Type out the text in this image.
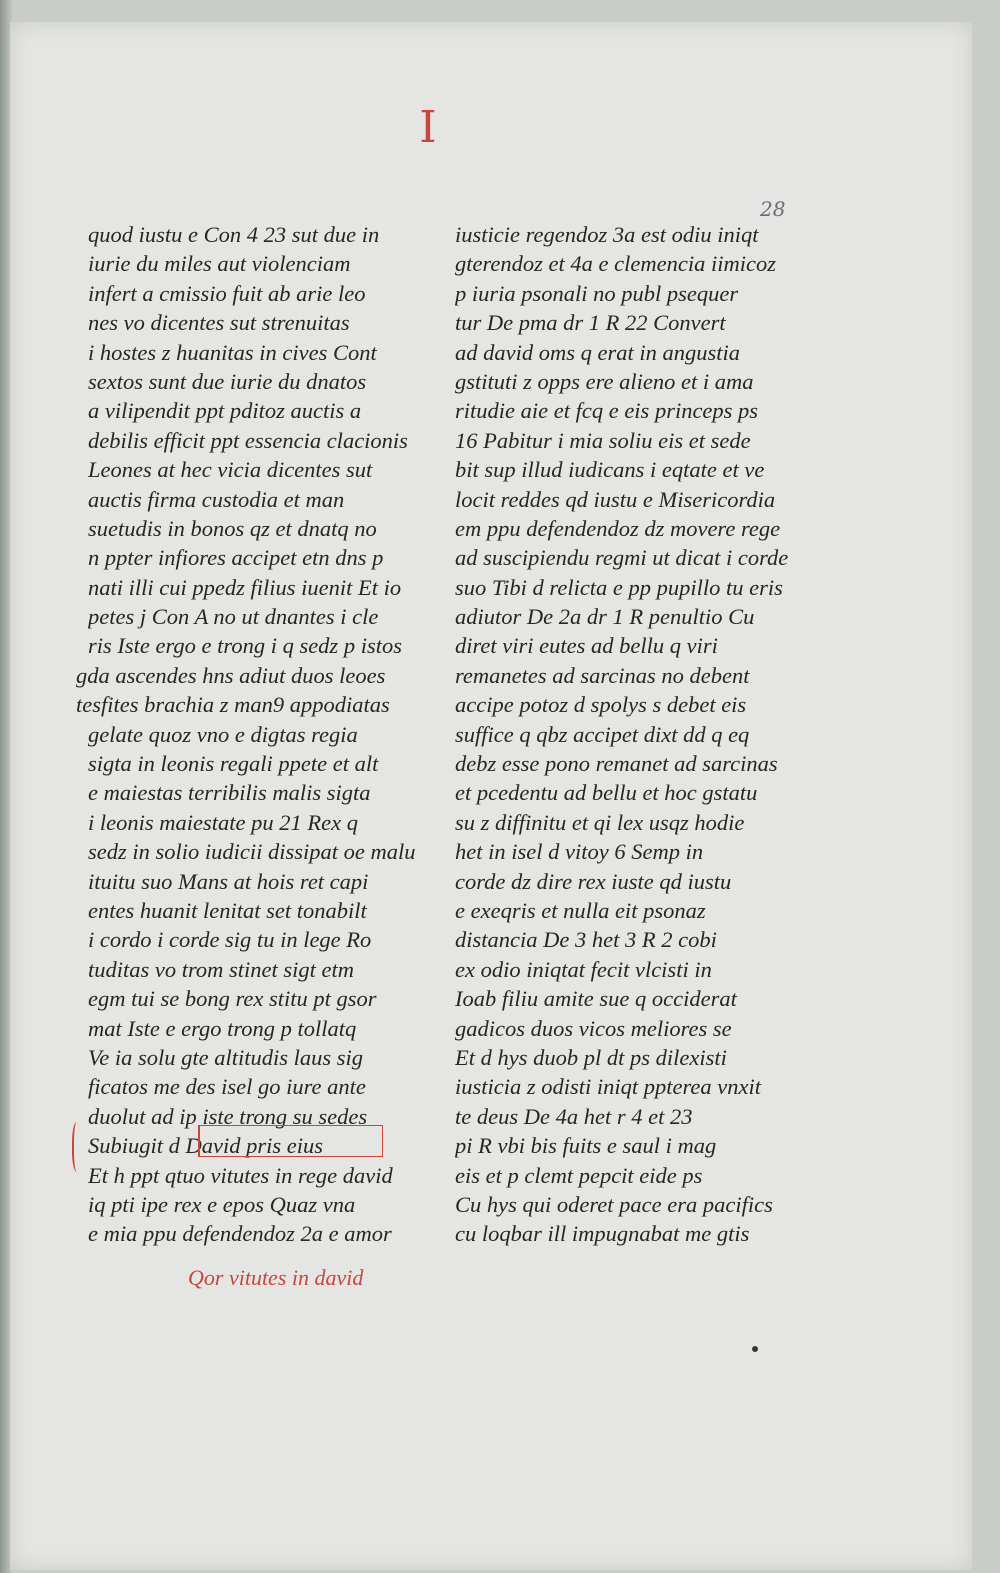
I
28
quod iustu e Con 4 23 sut due in
iurie du miles aut violenciam
infert a cmissio fuit ab arie leo
nes vo dicentes sut strenuitas
i hostes z huanitas in cives Cont
sextos sunt due iurie du dnatos
a vilipendit ppt pditoz auctis a
debilis efficit ppt essencia clacionis
Leones at hec vicia dicentes sut
auctis firma custodia et man
suetudis in bonos qz et dnatq no
n ppter infiores accipet etn dns p
nati illi cui ppedz filius iuenit Et io
petes j Con A no ut dnantes i cle
ris Iste ergo e trong i q sedz p istos
gda ascendes hns adiut duos leoes
tesfites brachia z man9 appodiatas
gelate quoz vno e digtas regia
sigta in leonis regali ppete et alt
e maiestas terribilis malis sigta
i leonis maiestate pu 21 Rex q
sedz in solio iudicii dissipat oe malu
ituitu suo Mans at hois ret capi
entes huanit lenitat set tonabilt
i cordo i corde sig tu in lege Ro
tuditas vo trom stinet sigt etm
egm tui se bong rex stitu pt gsor
mat Iste e ergo trong p tollatq
Ve ia solu gte altitudis laus sig
ficatos me des isel go iure ante
duolut ad ip iste trong su sedes
Subiugit d David pris eius
Et h ppt qtuo vitutes in rege david
iq pti ipe rex e epos Quaz vna
e mia ppu defendendoz 2a e amor
iusticie regendoz 3a est odiu iniqt
gterendoz et 4a e clemencia iimicoz
p iuria psonali no publ psequer
tur De pma dr 1 R 22 Convert
ad david oms q erat in angustia
gstituti z opps ere alieno et i ama
ritudie aie et fcq e eis princeps ps
16 Pabitur i mia soliu eis et sede
bit sup illud iudicans i eqtate et ve
locit reddes qd iustu e Misericordia
em ppu defendendoz dz movere rege
ad suscipiendu regmi ut dicat i corde
suo Tibi d relicta e pp pupillo tu eris
adiutor De 2a dr 1 R penultio Cu
diret viri eutes ad bellu q viri
remanetes ad sarcinas no debent
accipe potoz d spolys s debet eis
suffice q qbz accipet dixt dd q eq
debz esse pono remanet ad sarcinas
et pcedentu ad bellu et hoc gstatu
su z diffinitu et qi lex usqz hodie
het in isel d vitoy 6 Semp in
corde dz dire rex iuste qd iustu
e exeqris et nulla eit psonaz
distancia De 3 het 3 R 2 cobi
ex odio iniqtat fecit vlcisti in
Ioab filiu amite sue q occiderat
gadicos duos vicos meliores se
Et d hys duob pl dt ps dilexisti
iusticia z odisti iniqt ppterea vnxit
te deus De 4a het r 4 et 23
pi R vbi bis fuits e saul i mag
eis et p clemt pepcit eide ps
Cu hys qui oderet pace era pacifics
cu loqbar ill impugnabat me gtis
Qor vitutes in david
